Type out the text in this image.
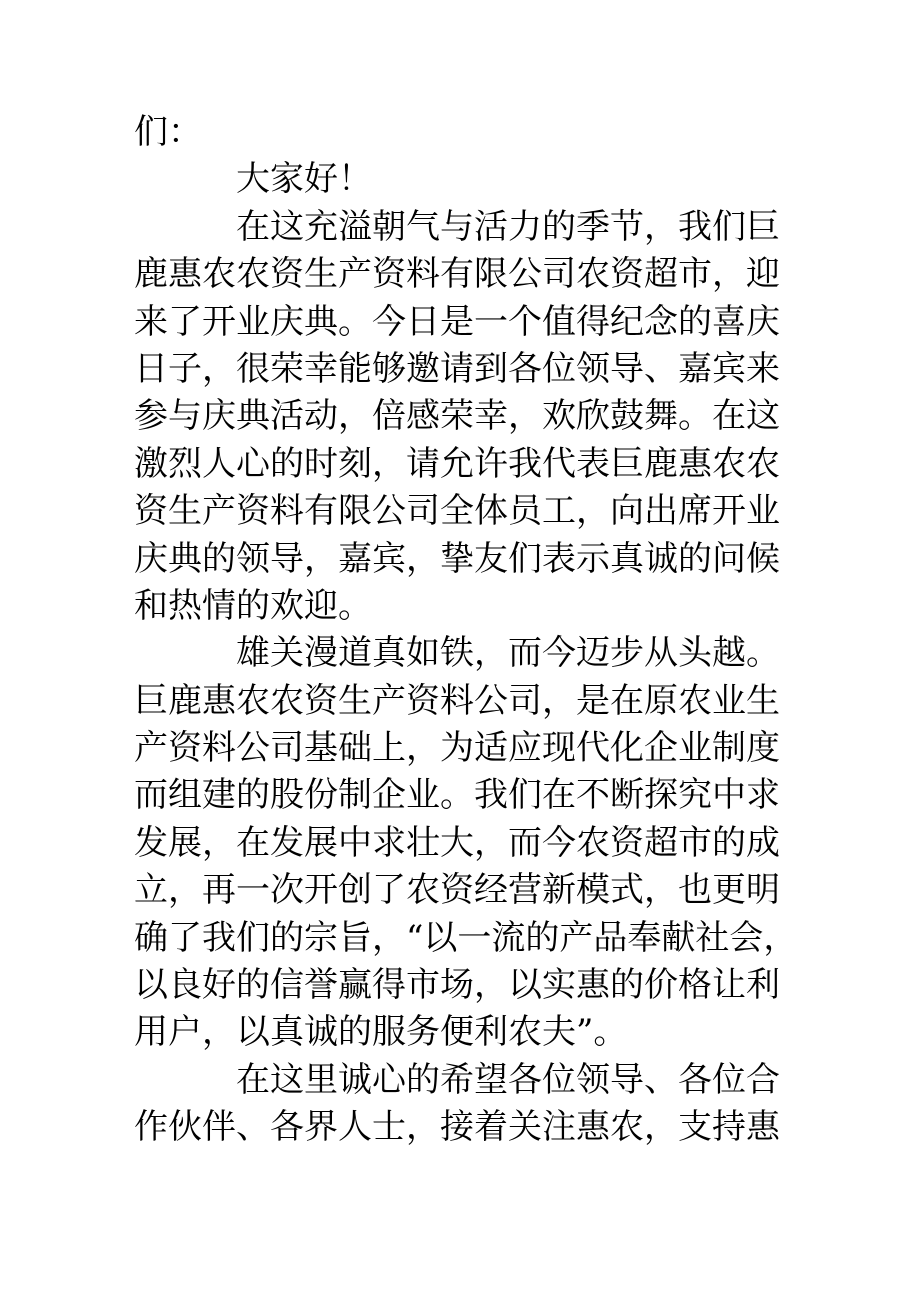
们：
大家好！
在这充溢朝气与活力的季节，我们巨
鹿惠农农资生产资料有限公司农资超市，迎
来了开业庆典。今日是一个值得纪念的喜庆
日子，很荣幸能够邀请到各位领导、嘉宾来
参与庆典活动，倍感荣幸，欢欣鼓舞。在这
激烈人心的时刻，请允许我代表巨鹿惠农农
资生产资料有限公司全体员工，向出席开业
庆典的领导，嘉宾，挚友们表示真诚的问候
和热情的欢迎。
雄关漫道真如铁，而今迈步从头越。
巨鹿惠农农资生产资料公司，是在原农业生
产资料公司基础上，为适应现代化企业制度
而组建的股份制企业。我们在不断探究中求
发展，在发展中求壮大，而今农资超市的成
立，再一次开创了农资经营新模式，也更明
确了我们的宗旨，“以一流的产品奉献社会，
以良好的信誉赢得市场，以实惠的价格让利
用户，以真诚的服务便利农夫”。
在这里诚心的希望各位领导、各位合
作伙伴、各界人士，接着关注惠农，支持惠
